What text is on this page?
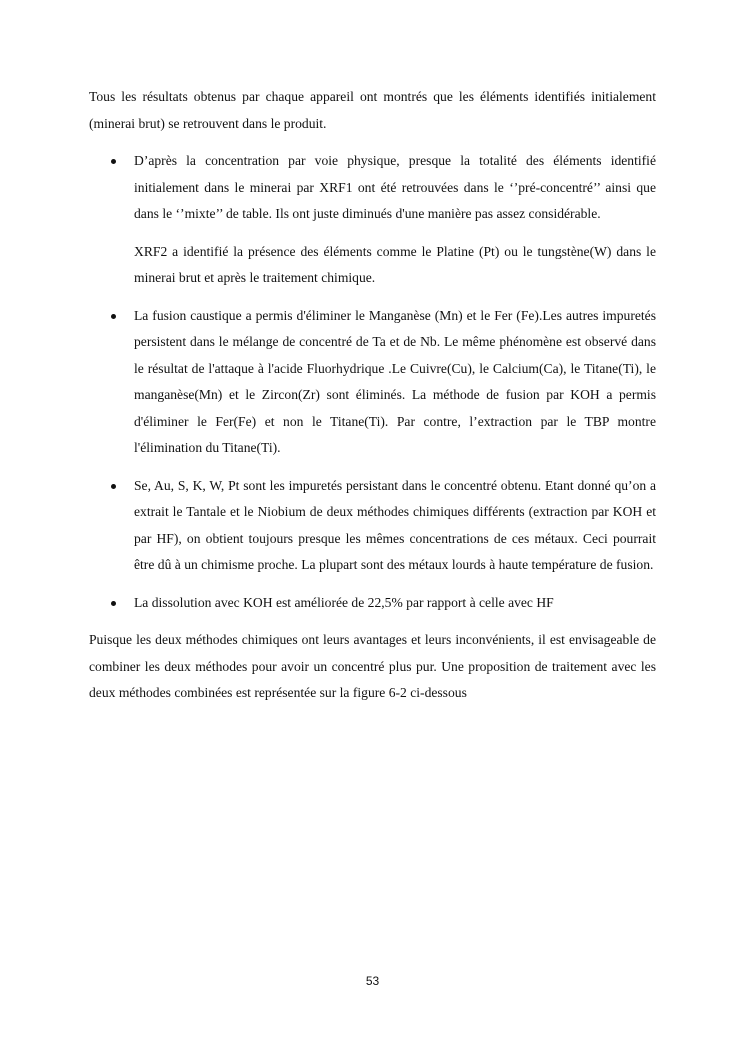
Tous les résultats obtenus par chaque appareil ont montrés que les éléments identifiés initialement (minerai brut) se retrouvent dans le produit.

D’après la concentration par voie physique, presque la totalité des éléments identifié initialement dans le minerai par XRF1 ont été retrouvées dans le ‘’pré-concentré’’ ainsi que dans le ‘’mixte’’ de table. Ils ont juste diminués d'une manière pas assez considérable.

XRF2 a identifié la présence des éléments comme le Platine (Pt) ou le tungstène(W) dans le minerai brut et après le traitement chimique.

La fusion caustique a permis d'éliminer le Manganèse (Mn) et le Fer (Fe).Les autres impuretés persistent dans le mélange de concentré de Ta et de Nb. Le même phénomène est observé dans le résultat de l'attaque à l'acide Fluorhydrique .Le Cuivre(Cu), le Calcium(Ca), le Titane(Ti), le manganèse(Mn) et le Zircon(Zr) sont éliminés. La méthode de fusion par KOH a permis d'éliminer le Fer(Fe) et non le Titane(Ti). Par contre, l’extraction par le TBP montre l'élimination du Titane(Ti).
Se, Au, S, K, W, Pt sont les impuretés persistant dans le concentré obtenu. Etant donné qu’on a extrait le Tantale et le Niobium de deux méthodes chimiques différents (extraction par KOH et par HF), on obtient toujours presque les mêmes concentrations de ces métaux. Ceci pourrait être dû à un chimisme proche. La plupart sont des métaux lourds à haute température de fusion.
La dissolution avec KOH est améliorée de 22,5% par rapport à celle avec HF

Puisque les deux méthodes chimiques ont leurs avantages et leurs inconvénients, il est envisageable de combiner les deux méthodes pour avoir un concentré plus pur. Une proposition de traitement avec les deux méthodes combinées est représentée sur la figure 6-2 ci-dessous

53
